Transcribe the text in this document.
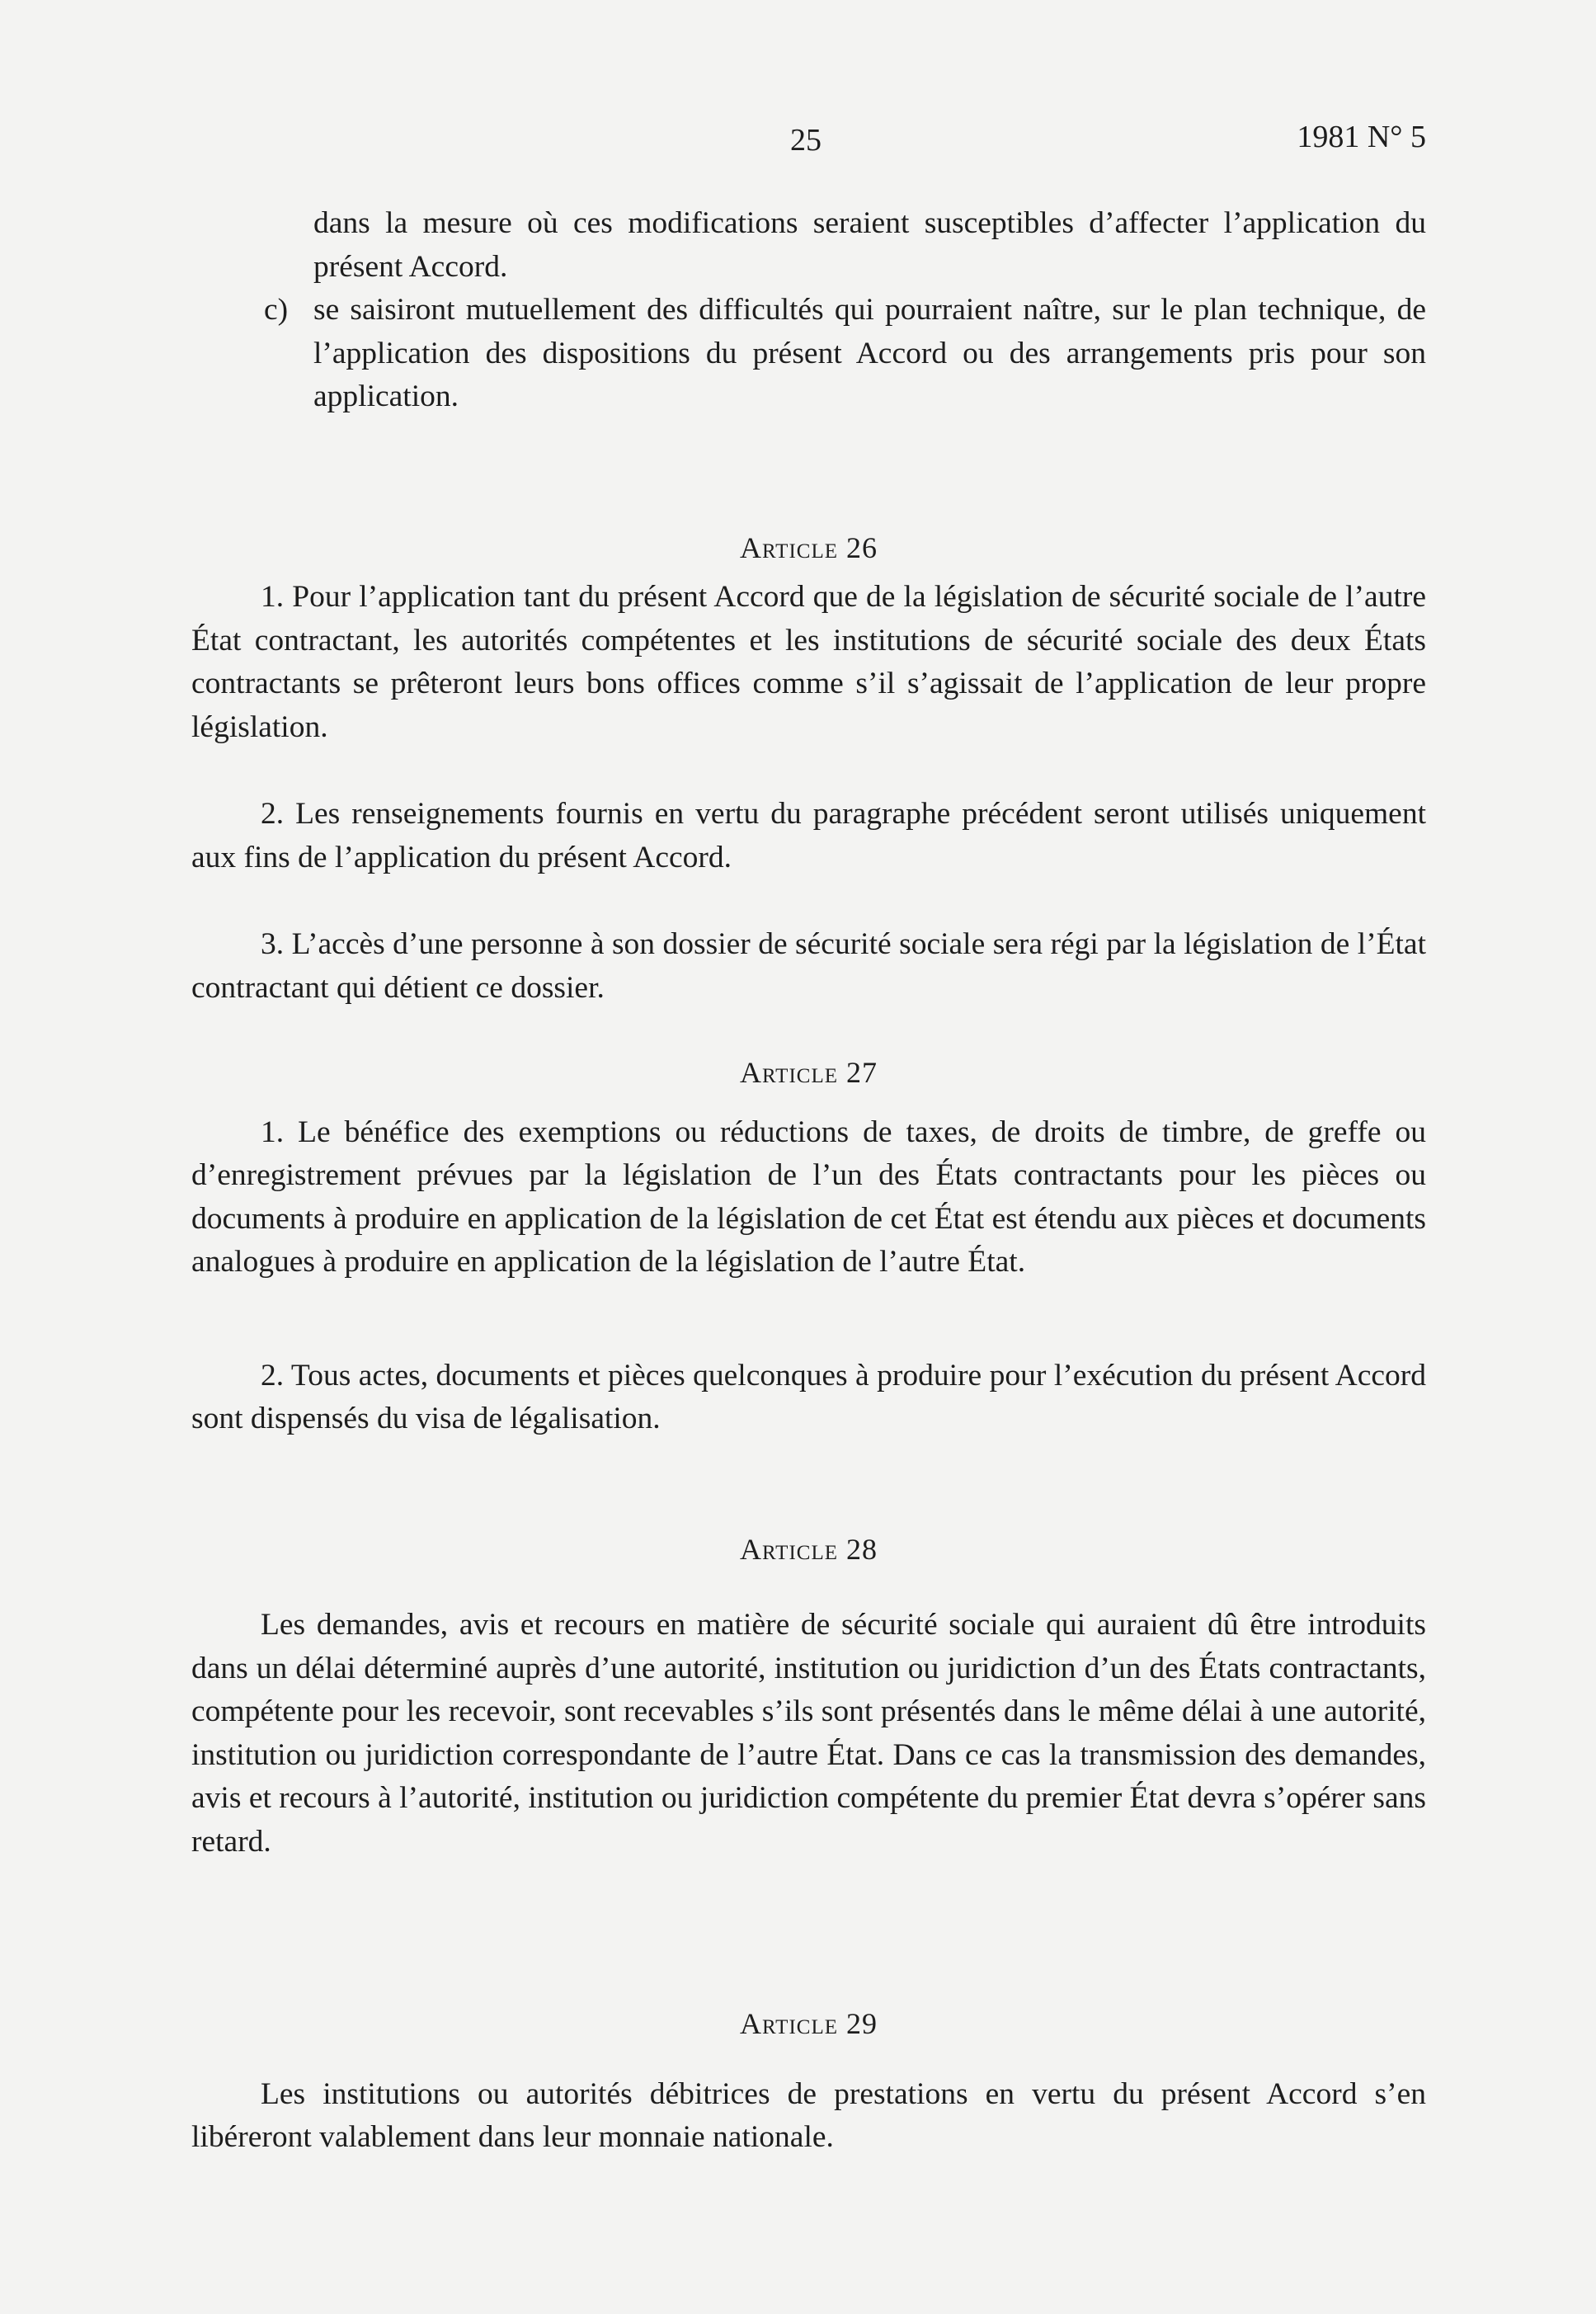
25	1981 N° 5

dans la mesure où ces modifications seraient susceptibles d’affecter l’application du présent Accord.

c) se saisiront mutuellement des difficultés qui pourraient naître, sur le plan technique, de l’application des dispositions du présent Accord ou des arrangements pris pour son application.

Article 26

1. Pour l’application tant du présent Accord que de la législation de sécurité sociale de l’autre État contractant, les autorités compétentes et les institutions de sécurité sociale des deux États contractants se prêteront leurs bons offices comme s’il s’agissait de l’application de leur propre législation.

2. Les renseignements fournis en vertu du paragraphe précédent seront utilisés uniquement aux fins de l’application du présent Accord.

3. L’accès d’une personne à son dossier de sécurité sociale sera régi par la législation de l’État contractant qui détient ce dossier.

Article 27

1. Le bénéfice des exemptions ou réductions de taxes, de droits de timbre, de greffe ou d’enregistrement prévues par la législation de l’un des États contractants pour les pièces ou documents à produire en application de la législation de cet État est étendu aux pièces et documents analogues à produire en application de la législation de l’autre État.

2. Tous actes, documents et pièces quelconques à produire pour l’exécution du présent Accord sont dispensés du visa de légalisation.

Article 28

Les demandes, avis et recours en matière de sécurité sociale qui auraient dû être introduits dans un délai déterminé auprès d’une autorité, institution ou juridiction d’un des États contractants, compétente pour les recevoir, sont recevables s’ils sont présentés dans le même délai à une autorité, institution ou juridiction correspondante de l’autre État. Dans ce cas la transmission des demandes, avis et recours à l’autorité, institution ou juridiction compétente du premier État devra s’opérer sans retard.

Article 29

Les institutions ou autorités débitrices de prestations en vertu du présent Accord s’en libéreront valablement dans leur monnaie nationale.
